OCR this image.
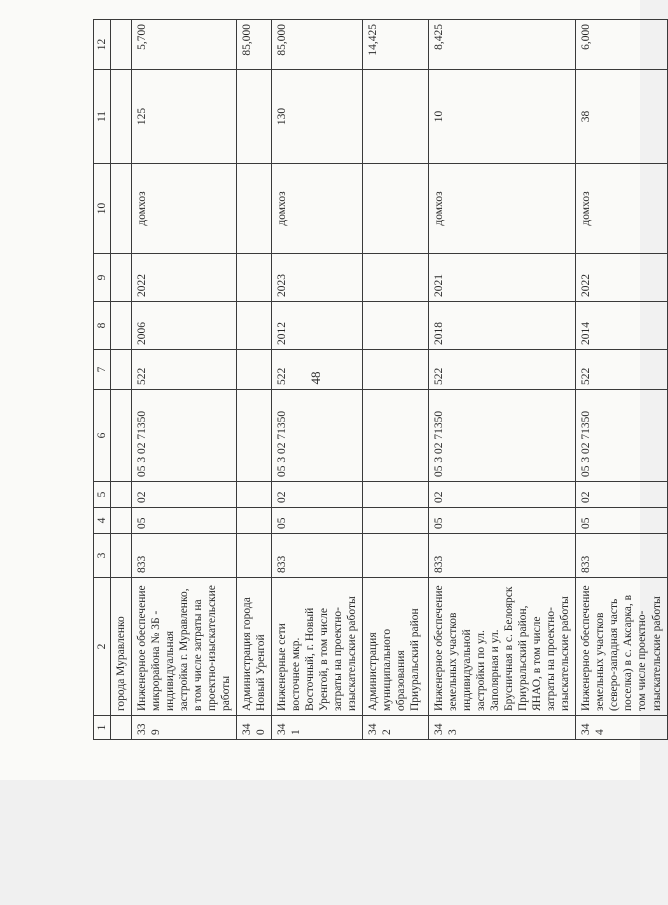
48
1	2	3	4	5	6	7	8	9	10	11	12
	города Муравленко										
339	Инженерное обеспечение микрорайона № 3Б - индивидуальная застройка г. Муравленко, в том числе затраты на проектно-изыскательские работы	833	05	02	05 3 02 71350	522	2006	2022	домхоз	125	5,700
340	Администрация города Новый Уренгой										85,000
341	Инженерные сети восточнее мкр. Восточный, г. Новый Уренгой, в том числе затраты на проектно-изыскательские работы	833	05	02	05 3 02 71350	522	2012	2023	домхоз	130	85,000
342	Администрация муниципального образования Приуральский район										14,425
343	Инженерное обеспечение земельных участков индивидуальной застройки по ул. Заполярная и ул. Брусничная в с. Белоярск Приуральский район, ЯНАО, в том числе затраты на проектно-изыскательские работы	833	05	02	05 3 02 71350	522	2018	2021	домхоз	10	8,425
344	Инженерное обеспечение земельных участков (северо-западная часть поселка) в с. Аксарка, в том числе проектно-изыскательские работы	833	05	02	05 3 02 71350	522	2014	2022	домхоз	38	6,000
